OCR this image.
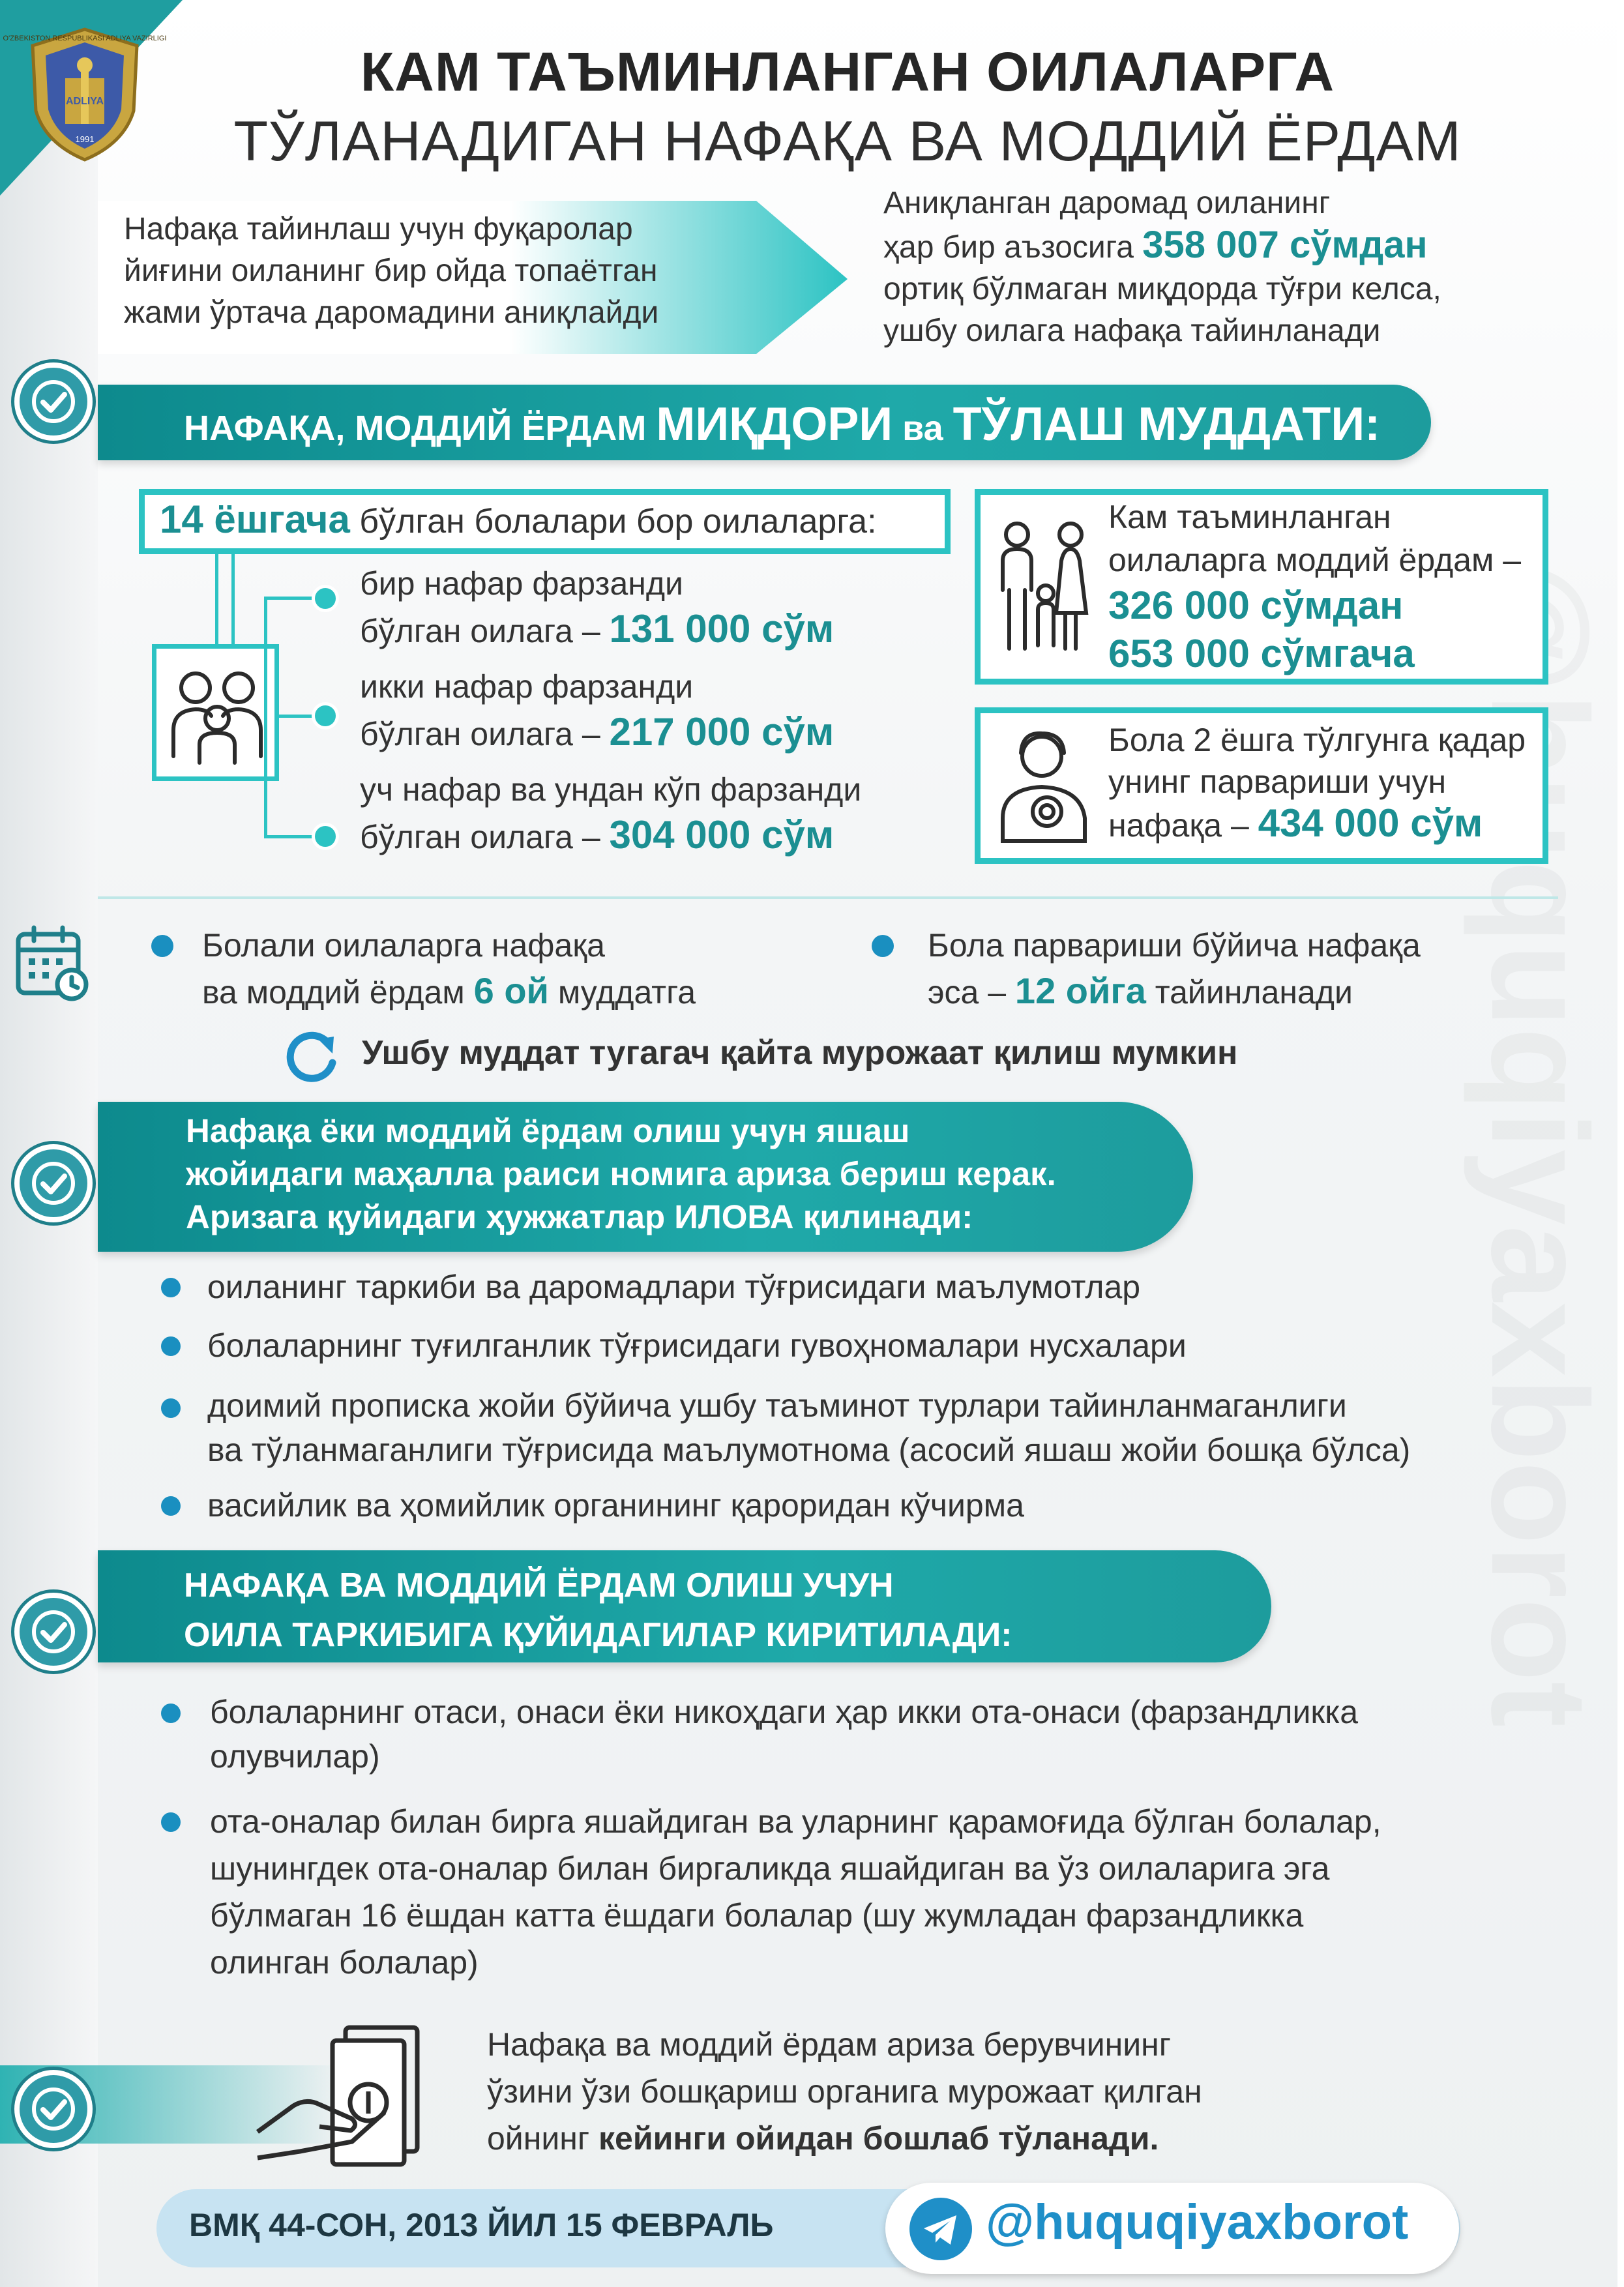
O'ZBEKISTON RESPUBLIKASI ADLIYA VAZIRLIGI
ADLIYA
1991
КАМ ТАЪМИНЛАНГАН ОИЛАЛАРГА
ТЎЛАНАДИГАН НАФАҚА ВА МОДДИЙ ЁРДАМ
Нафақа тайинлаш учун фуқаролар
йиғини оиланинг бир ойда топаётган
жами ўртача даромадини аниқлайди
Аниқланган даромад оиланинг
ҳар бир аъзосига 358 007 сўмдан
ортиқ бўлмаган миқдорда тўғри келса,
ушбу оилага нафақа тайинланади
НАФАҚА, МОДДИЙ ЁРДАМ МИҚДОРИ ва ТЎЛАШ МУДДАТИ:
14 ёшгача бўлган болалари бор оилаларга:
бир нафар фарзанди
бўлган оилага – 131 000 сўм
икки нафар фарзанди
бўлган оилага – 217 000 сўм
уч нафар ва ундан кўп фарзанди
бўлган оилага – 304 000 сўм
Кам таъминланган
оилаларга моддий ёрдам –
326 000 сўмдан
653 000 сўмгача
Бола 2 ёшга тўлгунга қадар
унинг парвариши учун
нафақа – 434 000 сўм
Болали оилаларга нафақа
ва моддий ёрдам 6 ой муддатга
Бола парвариши бўйича нафақа
эса – 12 ойга тайинланади
Ушбу муддат тугагач қайта мурожаат қилиш мумкин
Нафақа ёки моддий ёрдам олиш учун яшаш
жойидаги маҳалла раиси номига ариза бериш керак.
Аризага қуйидаги ҳужжатлар ИЛОВА қилинади:
оиланинг таркиби ва даромадлари тўғрисидаги маълумотлар
болаларнинг туғилганлик тўғрисидаги гувоҳномалари нусхалари
доимий прописка жойи бўйича ушбу таъминот турлари тайинланмаганлиги
ва тўланмаганлиги тўғрисида маълумотнома (асосий яшаш жойи бошқа бўлса)
васийлик ва ҳомийлик органининг қароридан кўчирма
НАФАҚА ВА МОДДИЙ ЁРДАМ ОЛИШ УЧУН
ОИЛА ТАРКИБИГА ҚУЙИДАГИЛАР КИРИТИЛАДИ:
болаларнинг отаси, онаси ёки никоҳдаги ҳар икки ота-онаси (фарзандликка
олувчилар)
ота-оналар билан бирга яшайдиган ва уларнинг қарамоғида бўлган болалар,
шунингдек ота-оналар билан биргаликда яшайдиган ва ўз оилаларига эга
бўлмаган 16 ёшдан катта ёшдаги болалар (шу жумладан фарзандликка
олинган болалар)
Нафақа ва моддий ёрдам ариза берувчининг
ўзини ўзи бошқариш органига мурожаат қилган
ойнинг кейинги ойидан бошлаб тўланади.
ВМҚ 44-СОН, 2013 ЙИЛ 15 ФЕВРАЛЬ	@huquqiyaxborot
